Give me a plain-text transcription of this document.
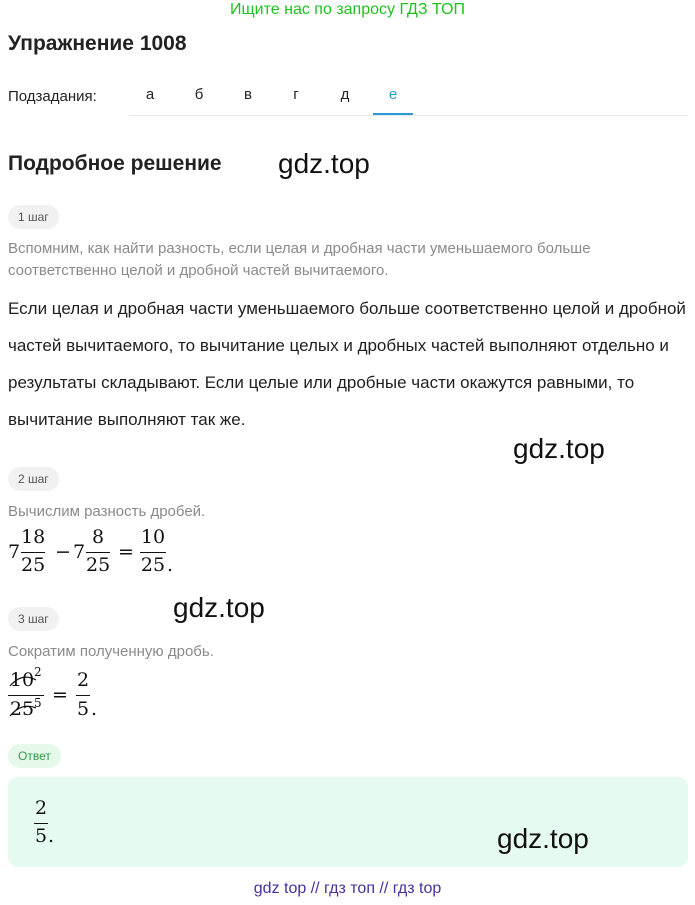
Ищите нас по запросу ГДЗ ТОП
Упражнение 1008
Подзадания:	а	б	в	г	д	е
Подробное решение gdz.top
1 шаг
Вспомним, как найти разность, если целая и дробная части уменьшаемого больше соответственно целой и дробной частей вычитаемого.
Если целая и дробная части уменьшаемого больше соответственно целой и дробной частей вычитаемого, то вычитание целых и дробных частей выполняют отдельно и результаты складывают. Если целые или дробные части окажутся равными, то вычитание выполняют так же.
gdz.top
2 шаг
Вычислим разность дробей.
7
18
25
− 7
8
25
=
10
25 .
gdz.top
3 шаг
Сократим полученную дробь.
10 2
25 5 =
2
5 .
Ответ
2
5 .	gdz.top
gdz top // гдз топ // гдз top
